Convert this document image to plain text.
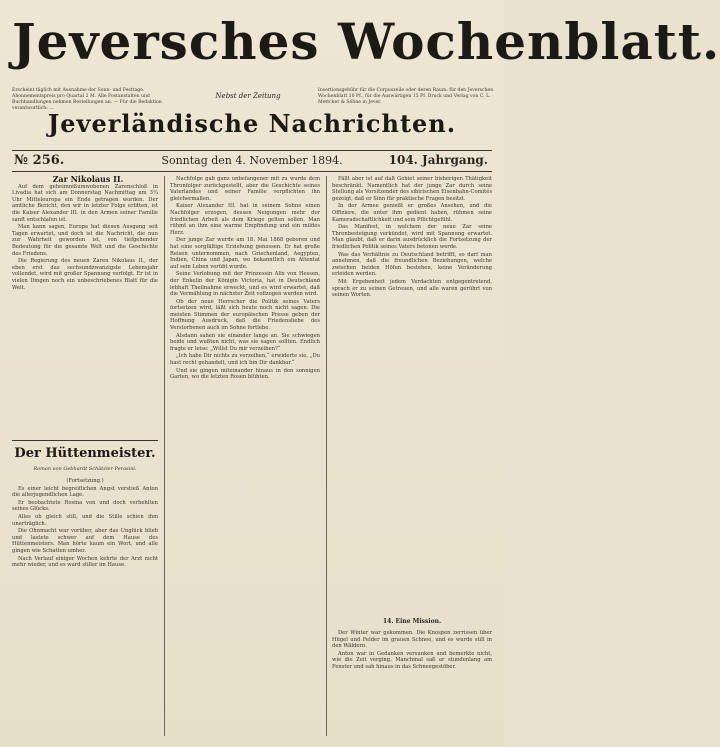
Jeversches Wochenblatt.
Erscheint täglich mit Ausnahme der Sonn- und Festtage. Abonnementspreis pro Quartal 2 M. Alle Postanstalten und Buchhandlungen nehmen Bestellungen an. — Für die Redaktion verantwortlich: ...
Nebst der Zeitung
Insertionsgebühr für die Corpuszeile oder deren Raum: für den Jeverschen Wochenblatt 10 Pf., für die Auswärtigen 15 Pf. Druck und Verlag von C. L. Mettcker & Söhne in Jever.
Jeverländische Nachrichten.
№ 256.	Sonntag den 4. November 1894.	104. Jahrgang.

Zar Nikolaus II.

Auf dem geheimnißumwobenen Zarenschloß in Livadia hat sich am Donnerstag Nachmittag um 3¼ Uhr Mitteleuropa ein Ende getragen worden. Der amtliche Bericht, den wir in letzter Folge erlitten, ist die Kaiser Alexander III. in den Armen seiner Familie sanft entschlafen ist.

Man kann sagen, Europa hat diesen Ausgang seit Tagen erwartet, und doch ist die Nachricht, die nun zur Wahrheit geworden ist, von tiefgehender Bedeutung für die gesamte Welt und die Geschichte des Friedens.

Die Regierung des neuen Zaren Nikolaus II., der eben erst das sechsundzwanzigste Lebensjahr vollendet, wird mit großer Spannung verfolgt. Er ist in vielen Dingen noch ein unbeschriebenes Blatt für die Welt.

Der Hüttenmeister.
Roman von Gebhardt Schätzler-Perasini.

(Fortsetzung.)

Es einer leicht begreiflichen Angst verstieß Anton die allerjugendlichen Lage.

Er beobachtete Rosina von und doch verhehlten seines Glücks.

Alles ob gleich still, und die Stille schien ihm unerträglich.

Die Ohnmacht war vorüber, aber das Unglück blieb und lastete schwer auf dem Hause des Hüttenmeisters. Man hörte kaum ein Wort, und alle gingen wie Schatten umher.

Nach Verlauf einiger Wochen kehrte der Arzt nicht mehr wieder, und es ward stiller im Hause.

Nachfolge gab ganz unbefangener mit zu wurde dem Thronfolger zurückgestellt, aber die Geschichte seines Vaterlandes und seiner Familie verpflichten ihn gleichermaßen.

Kaiser Alexander III. hat in seinem Sohne einen Nachfolger erzogen, dessen Neigungen mehr der friedlichen Arbeit als dem Kriege gelten sollen. Man rühmt an ihm eine warme Empfindung und ein mildes Herz.

Der junge Zar wurde am 18. Mai 1868 geboren und hat eine sorgfältige Erziehung genossen. Er hat große Reisen unternommen, nach Griechenland, Aegypten, Indien, China und Japan, wo bekanntlich ein Attentat auf sein Leben verübt wurde.

Seine Verlobung mit der Prinzessin Alix von Hessen, der Enkelin der Königin Victoria, hat in Deutschland lebhaft Theilnahme erweckt, und es wird erwartet, daß die Vermählung in nächster Zeit vollzogen werden wird.

Ob der neue Herrscher die Politik seines Vaters fortsetzen wird, läßt sich heute noch nicht sagen. Die meisten Stimmen der europäischen Presse geben der Hoffnung Ausdruck, daß die Friedensliebe des Verstorbenen auch im Sohne fortlebe.

Alsdann sahen sie einander lange an. Sie schwiegen beide und wußten nicht, was sie sagen sollten. Endlich fragte er leise: „Willst Du mir verzeihen?“

„Ich habe Dir nichts zu verzeihen,“ erwiderte sie, „Du hast recht gehandelt, und ich bin Dir dankbar.“

Und sie gingen miteinander hinaus in den sonnigen Garten, wo die letzten Rosen blühten.

Fällt aber ist auf daß Gebiet seiner bisherigen Thätigkeit beschränkt. Namentlich hat der junge Zar durch seine Stellung als Vorsitzender des sibirischen Eisenbahn-Comités gezeigt, daß er Sinn für praktische Fragen besitzt.

In der Armee genießt er großes Ansehen, und die Offiziere, die unter ihm gedient haben, rühmen seine Kameradschaftlichkeit und sein Pflichtgefühl.

Das Manifest, in welchem der neue Zar seine Thronbesteigung verkündet, wird mit Spannung erwartet. Man glaubt, daß er darin ausdrücklich die Fortsetzung der friedlichen Politik seines Vaters betonen werde.

Was das Verhältnis zu Deutschland betrifft, so darf man annehmen, daß die freundlichen Beziehungen, welche zwischen beiden Höfen bestehen, keine Veränderung erleiden werden.

Mit Ergebenheit jedem Verdachten entgegentretend, sprach er zu seinen Getreuen, und alle waren gerührt von seinen Worten.

14. Eine Mission.

Der Winter war gekommen. Die Knospen zerrissen über Hügel und Felder im grauen Schnee, und es wurde still in den Wäldern.

Anton war in Gedanken versunken und bemerkte nicht, wie die Zeit verging. Manchmal saß er stundenlang am Fenster und sah hinaus in das Schneegestöber.
